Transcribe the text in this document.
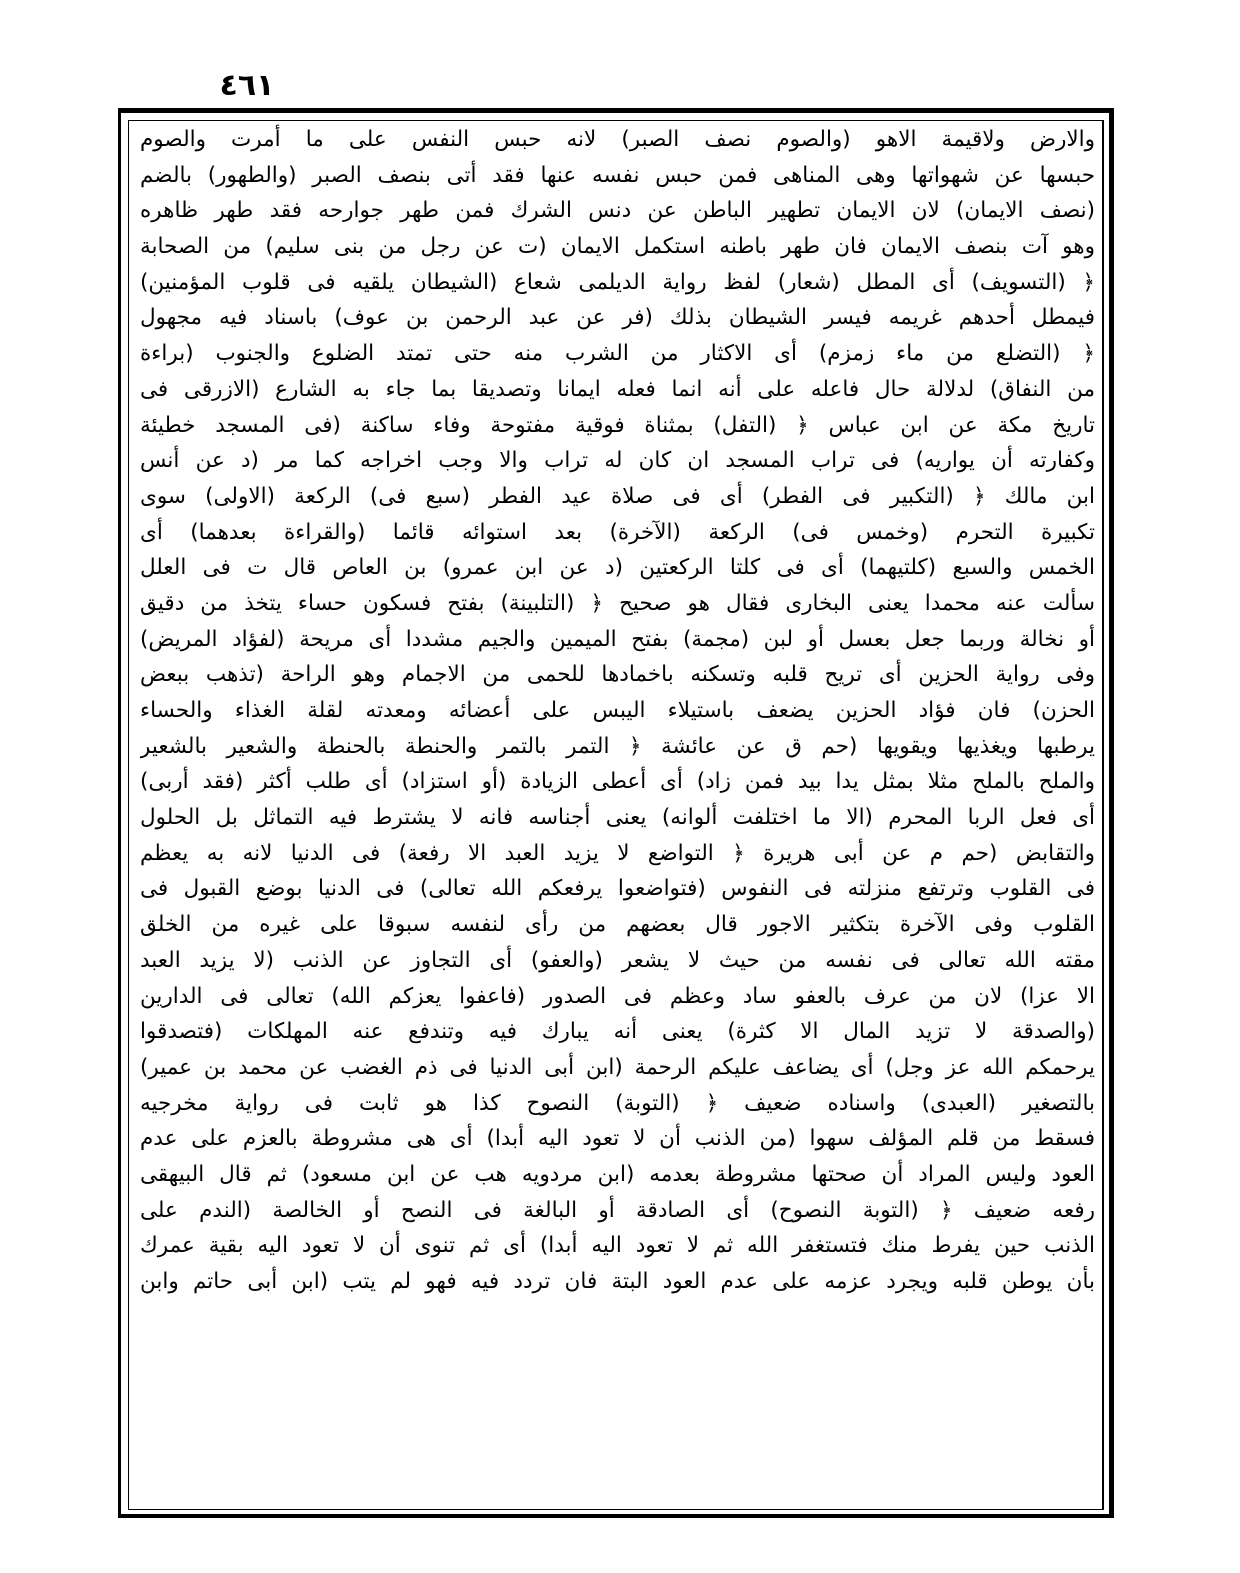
٤٦١
والارض ولاقيمة الاهو (والصوم نصف الصبر) لانه حبس النفس على ما أمرت والصوم
حبسها عن شهواتها وهى المناهى فمن حبس نفسه عنها فقد أتى بنصف الصبر (والطهور) بالضم
(نصف الايمان) لان الايمان تطهير الباطن عن دنس الشرك فمن طهر جوارحه فقد طهر ظاهره
وهو آت بنصف الايمان فان طهر باطنه استكمل الايمان (ت عن رجل من بنى سليم) من الصحابة
﴿ (التسويف) أى المطل (شعار) لفظ رواية الديلمى شعاع (الشيطان يلقيه فى قلوب المؤمنين)
فيمطل أحدهم غريمه فيسر الشيطان بذلك (فر عن عبد الرحمن بن عوف) باسناد فيه مجهول
﴿ (التضلع من ماء زمزم) أى الاكثار من الشرب منه حتى تمتد الضلوع والجنوب (براءة
من النفاق) لدلالة حال فاعله على أنه انما فعله ايمانا وتصديقا بما جاء به الشارع (الازرقى فى
تاريخ مكة عن ابن عباس ﴿ (التفل) بمثناة فوقية مفتوحة وفاء ساكنة (فى المسجد خطيئة
وكفارته أن يواريه) فى تراب المسجد ان كان له تراب والا وجب اخراجه كما مر (د عن أنس
ابن مالك ﴿ (التكبير فى الفطر) أى فى صلاة عيد الفطر (سبع فى) الركعة (الاولى) سوى
تكبيرة التحرم (وخمس فى) الركعة (الآخرة) بعد استوائه قائما (والقراءة بعدهما) أى
الخمس والسبع (كلتيهما) أى فى كلتا الركعتين (د عن ابن عمرو) بن العاص قال ت فى العلل
سألت عنه محمدا يعنى البخارى فقال هو صحيح ﴿ (التلبينة) بفتح فسكون حساء يتخذ من دقيق
أو نخالة وربما جعل بعسل أو لبن (مجمة) بفتح الميمين والجيم مشددا أى مريحة (لفؤاد المريض)
وفى رواية الحزين أى تريح قلبه وتسكنه باخمادها للحمى من الاجمام وهو الراحة (تذهب ببعض
الحزن) فان فؤاد الحزين يضعف باستيلاء اليبس على أعضائه ومعدته لقلة الغذاء والحساء
يرطبها ويغذيها ويقويها (حم ق عن عائشة ﴿ التمر بالتمر والحنطة بالحنطة والشعير بالشعير
والملح بالملح مثلا بمثل يدا بيد فمن زاد) أى أعطى الزيادة (أو استزاد) أى طلب أكثر (فقد أربى)
أى فعل الربا المحرم (الا ما اختلفت ألوانه) يعنى أجناسه فانه لا يشترط فيه التماثل بل الحلول
والتقابض (حم م عن أبى هريرة ﴿ التواضع لا يزيد العبد الا رفعة) فى الدنيا لانه به يعظم
فى القلوب وترتفع منزلته فى النفوس (فتواضعوا يرفعكم الله تعالى) فى الدنيا بوضع القبول فى
القلوب وفى الآخرة بتكثير الاجور قال بعضهم من رأى لنفسه سبوقا على غيره من الخلق
مقته الله تعالى فى نفسه من حيث لا يشعر (والعفو) أى التجاوز عن الذنب (لا يزيد العبد
الا عزا) لان من عرف بالعفو ساد وعظم فى الصدور (فاعفوا يعزكم الله) تعالى فى الدارين
(والصدقة لا تزيد المال الا كثرة) يعنى أنه يبارك فيه وتندفع عنه المهلكات (فتصدقوا
يرحمكم الله عز وجل) أى يضاعف عليكم الرحمة (ابن أبى الدنيا فى ذم الغضب عن محمد بن عمير)
بالتصغير (العبدى) واسناده ضعيف ﴿ (التوبة) النصوح كذا هو ثابت فى رواية مخرجيه
فسقط من قلم المؤلف سهوا (من الذنب أن لا تعود اليه أبدا) أى هى مشروطة بالعزم على عدم
العود وليس المراد أن صحتها مشروطة بعدمه (ابن مردويه هب عن ابن مسعود) ثم قال البيهقى
رفعه ضعيف ﴿ (التوبة النصوح) أى الصادقة أو البالغة فى النصح أو الخالصة (الندم على
الذنب حين يفرط منك فتستغفر الله ثم لا تعود اليه أبدا) أى ثم تنوى أن لا تعود اليه بقية عمرك
بأن يوطن قلبه ويجرد عزمه على عدم العود البتة فان تردد فيه فهو لم يتب (ابن أبى حاتم وابن
